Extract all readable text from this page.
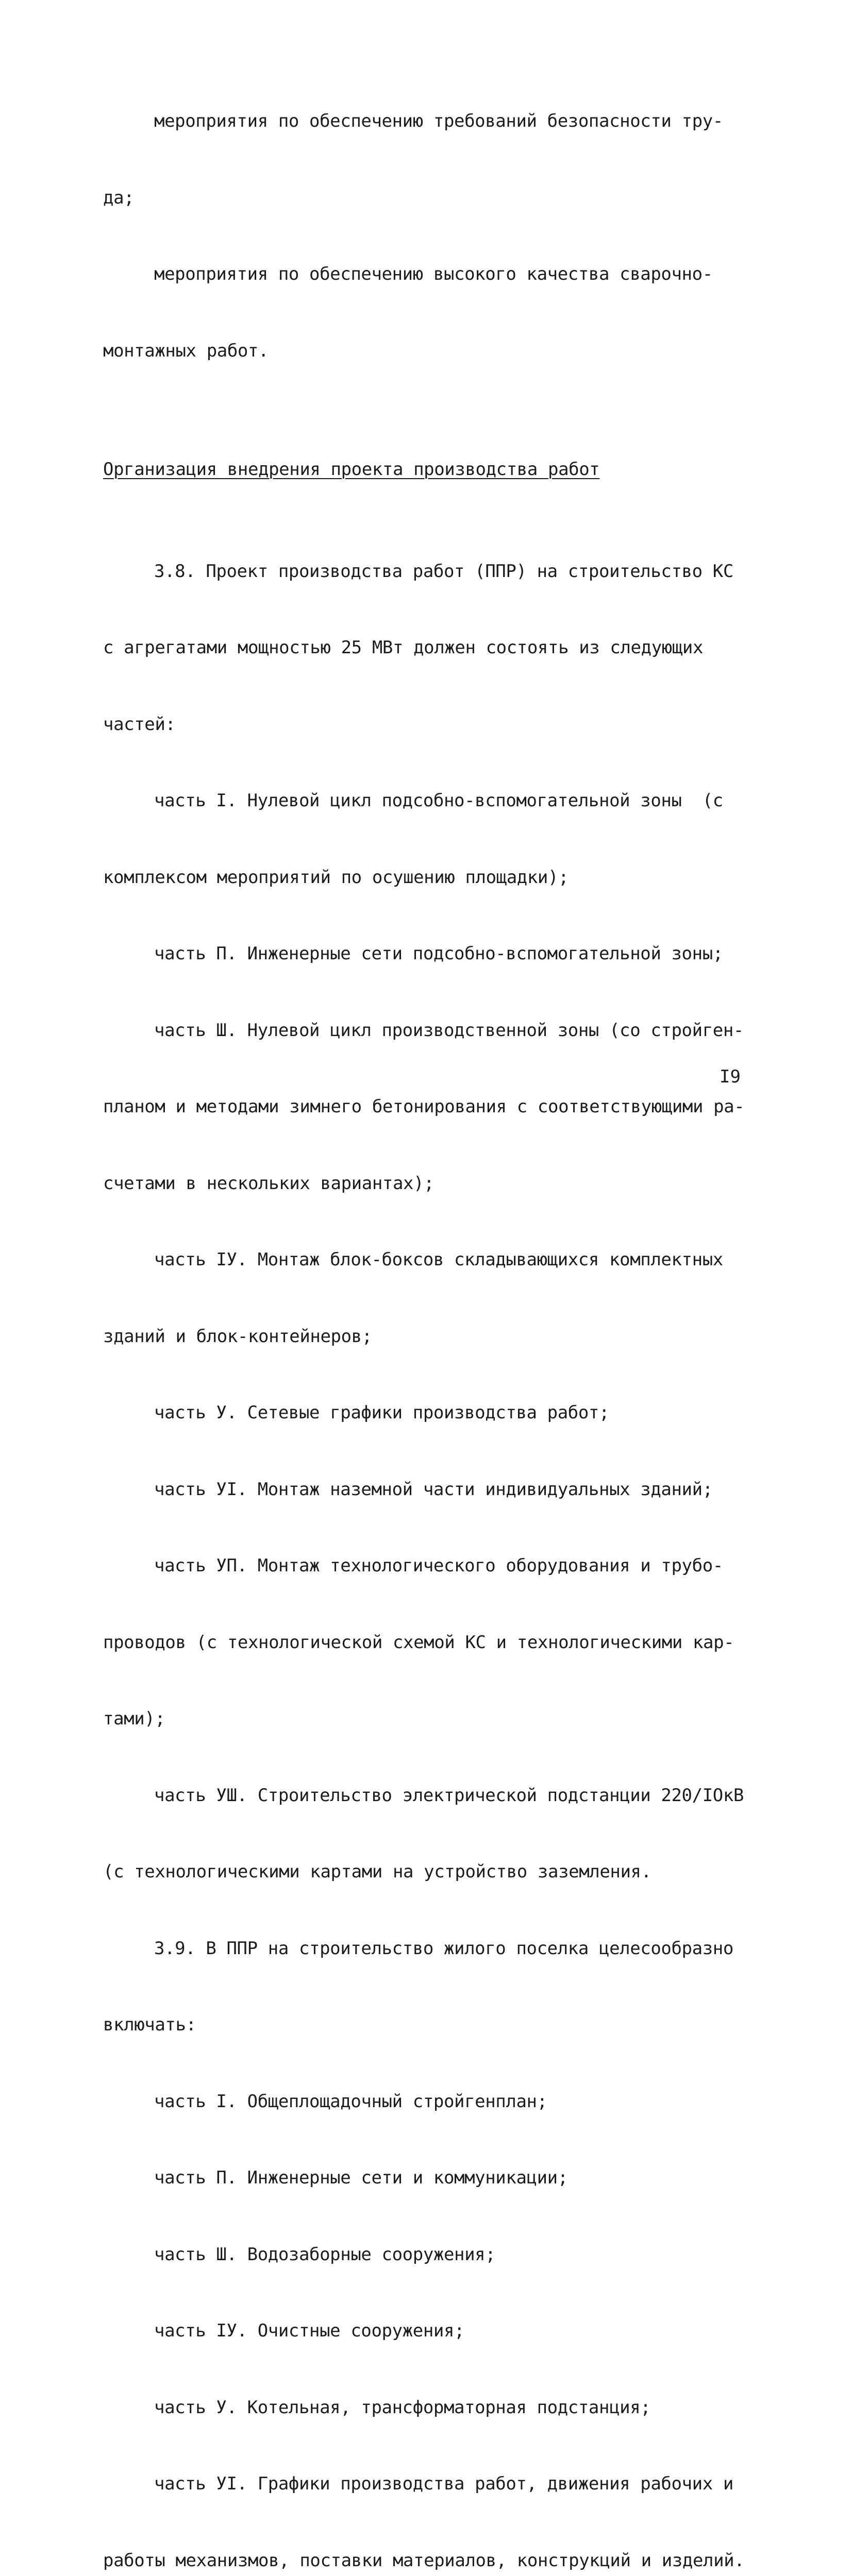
мероприятия по обеспечению требований безопасности тру-

да;

мероприятия по обеспечению высокого качества сварочно-

монтажных работ.

Организация внедрения проекта производства работ

3.8. Проект производства работ (ППР) на строительство КС

с агрегатами мощностью 25 МВт должен состоять из следующих

частей:

часть I. Нулевой цикл подсобно-вспомогательной зоны  (с

комплексом мероприятий по осушению площадки);

часть П. Инженерные сети подсобно-вспомогательной зоны;

часть Ш. Нулевой цикл производственной зоны (со стройген-

планом и методами зимнего бетонирования с соответствующими ра-

счетами в нескольких вариантах);

часть IУ. Монтаж блок-боксов складывающихся комплектных

зданий и блок-контейнеров;

часть У. Сетевые графики производства работ;

часть УI. Монтаж наземной части индивидуальных зданий;

часть УП. Монтаж технологического оборудования и трубо-

проводов (с технологической схемой КС и технологическими кар-

тами);

часть УШ. Строительство электрической подстанции 220/IОкВ

(с технологическими картами на устройство заземления.

3.9. В ППР на строительство жилого поселка целесообразно

включать:

часть I. Общеплощадочный стройгенплан;

часть П. Инженерные сети и коммуникации;

часть Ш. Водозаборные сооружения;

часть IУ. Очистные сооружения;

часть У. Котельная, трансформаторная подстанция;

часть УI. Графики производства работ, движения рабочих и

работы механизмов, поставки материалов, конструкций и изделий.

I9
